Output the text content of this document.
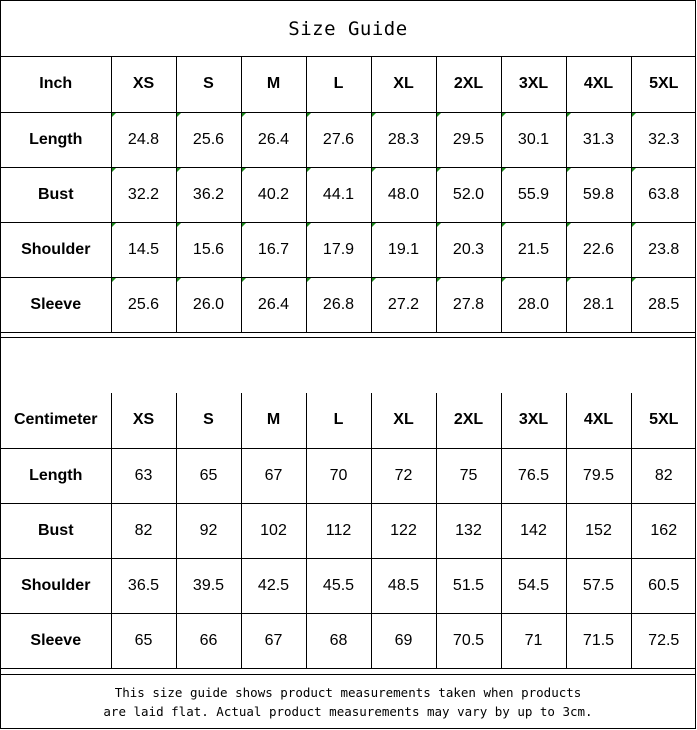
Size Guide
Inch	XS	S	M	L	XL	2XL	3XL	4XL	5XL
Length	24.8	25.6	26.4	27.6	28.3	29.5	30.1	31.3	32.3
Bust	32.2	36.2	40.2	44.1	48.0	52.0	55.9	59.8	63.8
Shoulder	14.5	15.6	16.7	17.9	19.1	20.3	21.5	22.6	23.8
Sleeve	25.6	26.0	26.4	26.8	27.2	27.8	28.0	28.1	28.5
Centimeter	XS	S	M	L	XL	2XL	3XL	4XL	5XL
Length	63	65	67	70	72	75	76.5	79.5	82
Bust	82	92	102	112	122	132	142	152	162
Shoulder	36.5	39.5	42.5	45.5	48.5	51.5	54.5	57.5	60.5
Sleeve	65	66	67	68	69	70.5	71	71.5	72.5
This size guide shows product measurements taken when products
are laid flat. Actual product measurements may vary by up to 3cm.
